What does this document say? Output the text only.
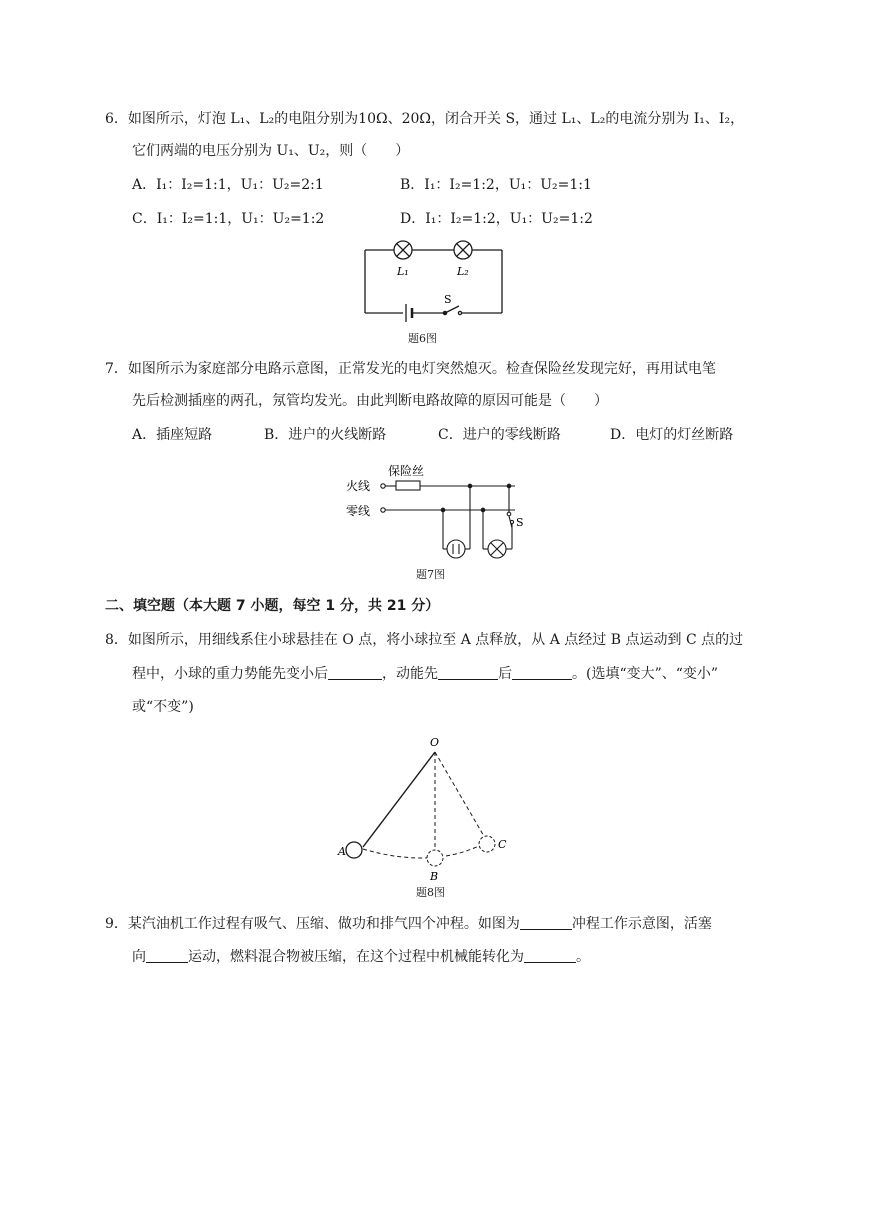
6．如图所示，灯泡 L₁、L₂的电阻分别为10Ω、20Ω，闭合开关 S，通过 L₁、L₂的电流分别为 I₁、I₂，
它们两端的电压分别为 U₁、U₂，则（　　）
A．I₁：I₂=1:1，U₁：U₂=2:1	B．I₁：I₂=1:2，U₁：U₂=1:1
C．I₁：I₂=1:1，U₁：U₂=1:2	D．I₁：I₂=1:2，U₁：U₂=1:2
L₁	L₂
S
题6图
7．如图所示为家庭部分电路示意图，正常发光的电灯突然熄灭。检查保险丝发现完好，再用试电笔
先后检测插座的两孔，氖管均发光。由此判断电路故障的原因可能是（　　）
A．插座短路	B．进户的火线断路	C．进户的零线断路	D．电灯的灯丝断路
火线
零线
保险丝
S
题7图
二、填空题（本大题 7 小题，每空 1 分，共 21 分）
8．如图所示，用细线系住小球悬挂在 O 点，将小球拉至 A 点释放，从 A 点经过 B 点运动到 C 点的过
程中，小球的重力势能先变小后	，动能先	后	。(选填“变大”、“变小”
或“不变”)
O
A
B
C
题8图
9．某汽油机工作过程有吸气、压缩、做功和排气四个冲程。如图为	冲程工作示意图，活塞
向	运动，燃料混合物被压缩，在这个过程中机械能转化为	。
